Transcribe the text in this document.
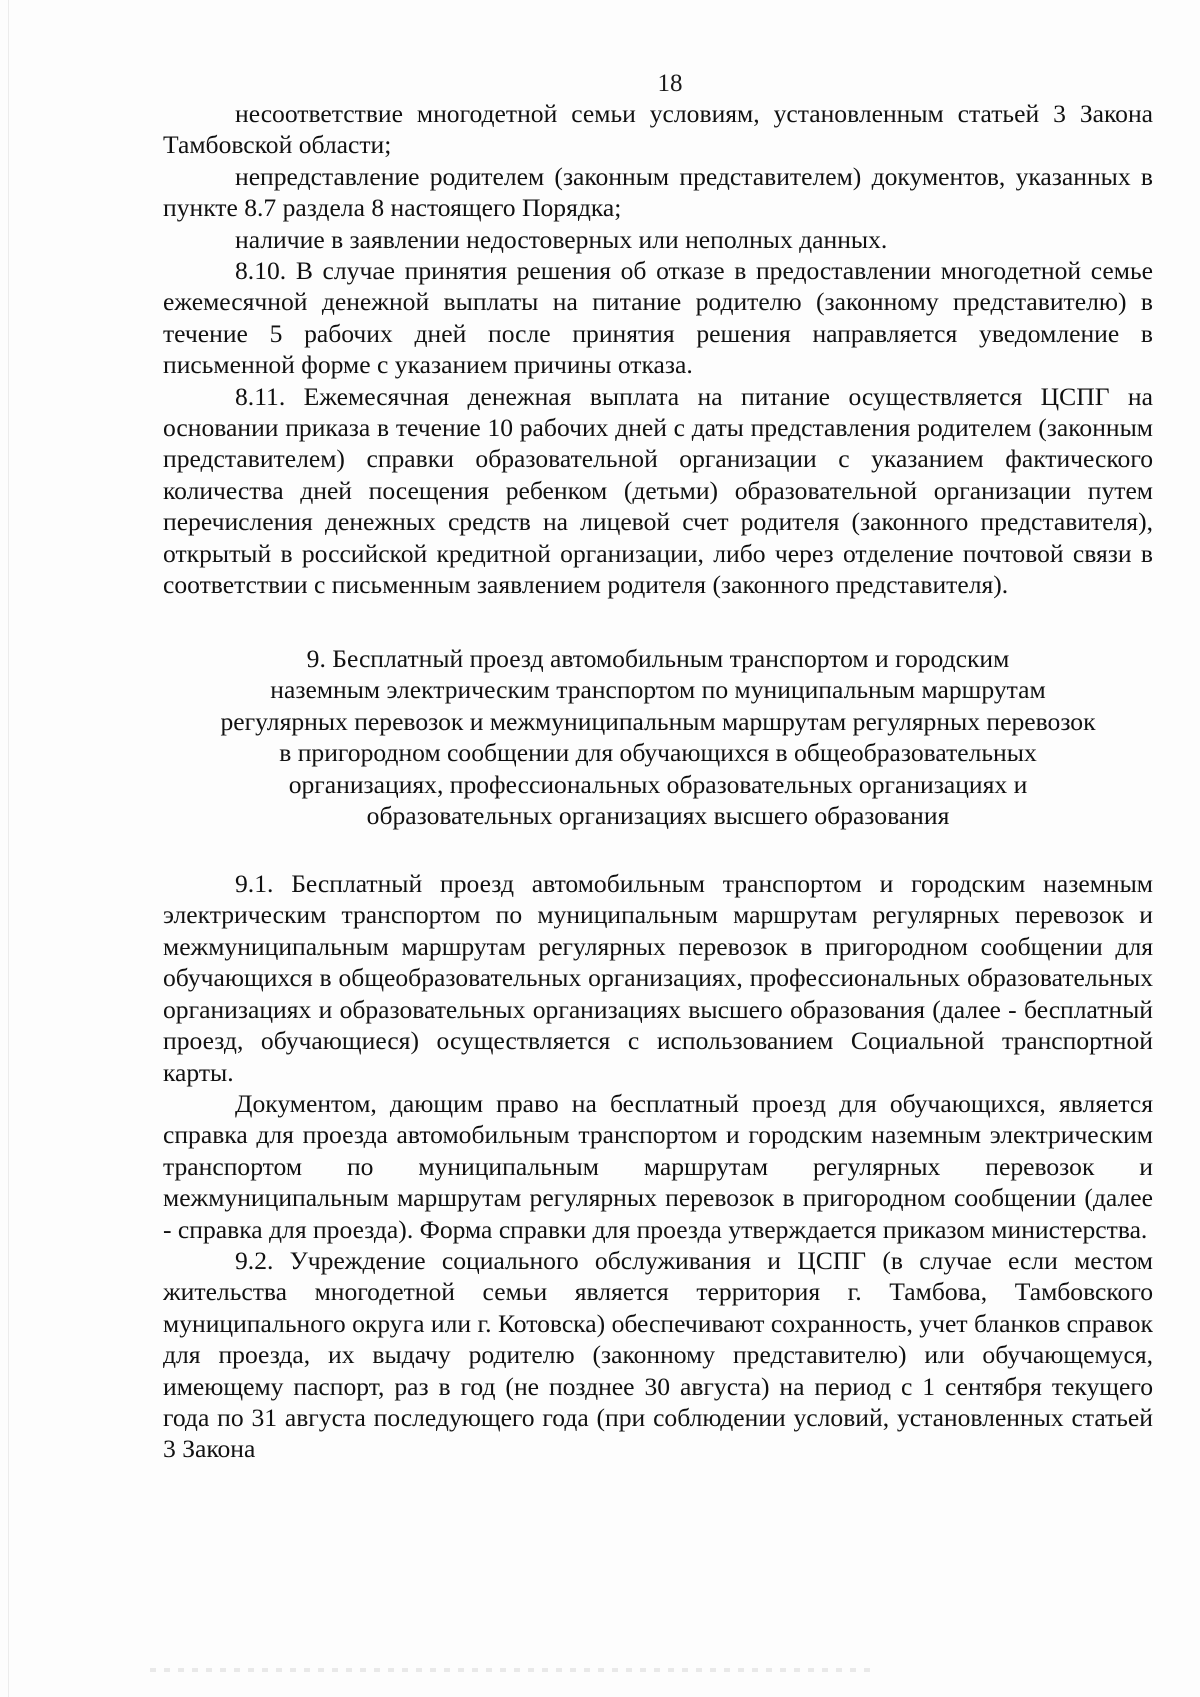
18

несоответствие многодетной семьи условиям, установленным статьей 3 Закона Тамбовской области;

непредставление родителем (законным представителем) документов, указанных в пункте 8.7 раздела 8 настоящего Порядка;

наличие в заявлении недостоверных или неполных данных.

8.10. В случае принятия решения об отказе в предоставлении многодетной семье ежемесячной денежной выплаты на питание родителю (законному представителю) в течение 5 рабочих дней после принятия решения направляется уведомление в письменной форме с указанием причины отказа.

8.11. Ежемесячная денежная выплата на питание осуществляется ЦСПГ на основании приказа в течение 10 рабочих дней с даты представления родителем (законным представителем) справки образовательной организации с указанием фактического количества дней посещения ребенком (детьми) образовательной организации путем перечисления денежных средств на лицевой счет родителя (законного представителя), открытый в российской кредитной организации, либо через отделение почтовой связи в соответствии с письменным заявлением родителя (законного представителя).

9. Бесплатный проезд автомобильным транспортом и городским

наземным электрическим транспортом по муниципальным маршрутам

регулярных перевозок и межмуниципальным маршрутам регулярных перевозок

в пригородном сообщении для обучающихся в общеобразовательных

организациях, профессиональных образовательных организациях и

образовательных организациях высшего образования

9.1. Бесплатный проезд автомобильным транспортом и городским наземным электрическим транспортом по муниципальным маршрутам регулярных перевозок и межмуниципальным маршрутам регулярных перевозок в пригородном сообщении для обучающихся в общеобразовательных организациях, профессиональных образовательных организациях и образовательных организациях высшего образования (далее - бесплатный проезд, обучающиеся) осуществляется с использованием Социальной транспортной карты.

Документом, дающим право на бесплатный проезд для обучающихся, является справка для проезда автомобильным транспортом и городским наземным электрическим транспортом по муниципальным маршрутам регулярных перевозок и межмуниципальным маршрутам регулярных перевозок в пригородном сообщении (далее - справка для проезда). Форма справки для проезда утверждается приказом министерства.

9.2. Учреждение социального обслуживания и ЦСПГ (в случае если местом жительства многодетной семьи является территория г. Тамбова, Тамбовского муниципального округа или г. Котовска) обеспечивают сохранность, учет бланков справок для проезда, их выдачу родителю (законному представителю) или обучающемуся, имеющему паспорт, раз в год (не позднее 30 августа) на период с 1 сентября текущего года по 31 августа последующего года (при соблюдении условий, установленных статьей 3 Закона
